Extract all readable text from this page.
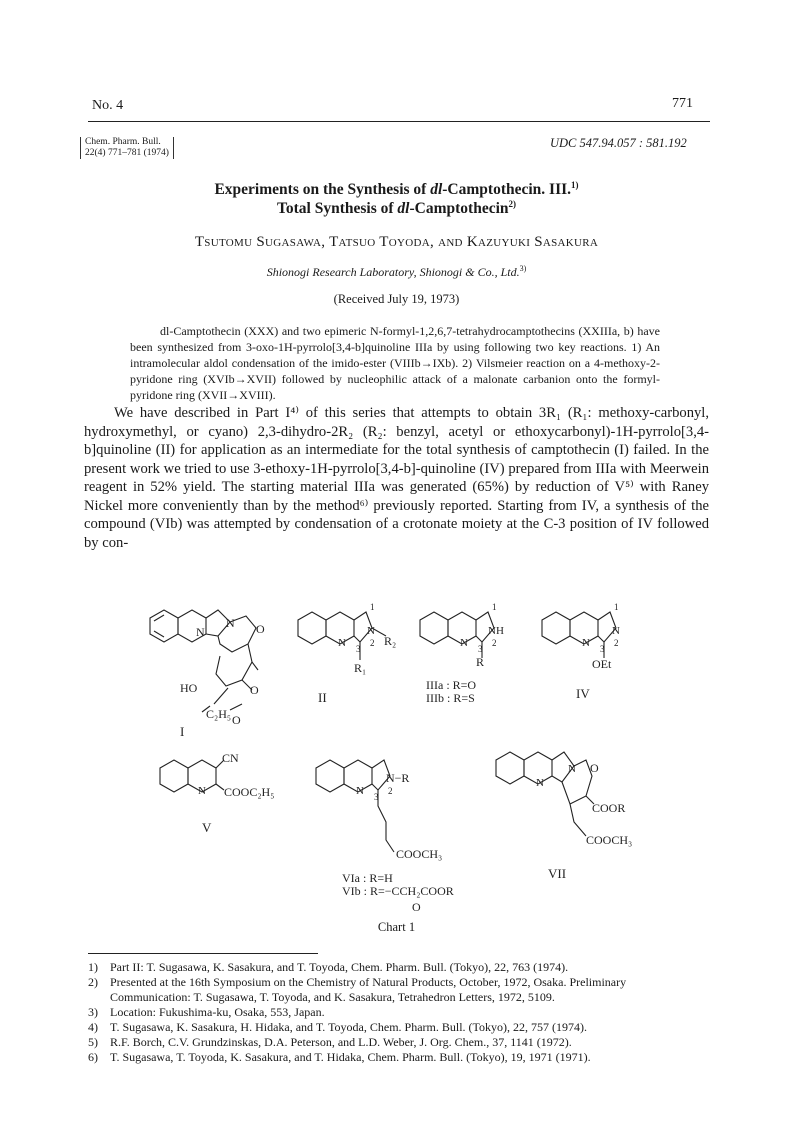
No. 4	771
Chem. Pharm. Bull.
22(4) 771–781 (1974)
UDC 547.94.057 : 581.192
Experiments on the Synthesis of dl-Camptothecin. III.$^{1)}$
Total Synthesis of dl-Camptothecin$^{2)}$
Tsutomu Sugasawa, Tatsuo Toyoda, and Kazuyuki Sasakura
Shionogi Research Laboratory, Shionogi & Co., Ltd.$^{3)}$
(Received July 19, 1973)
dl-Camptothecin (XXX) and two epimeric N-formyl-1,2,6,7-tetrahydrocamptothecins (XXIIIa, b) have been synthesized from 3-oxo-1H-pyrrolo[3,4-b]quinoline IIIa by using following two key reactions. 1) An intramolecular aldol condensation of the imido-ester (VIIIb→IXb). 2) Vilsmeier reaction on a 4-methoxy-2-pyridone ring (XVIb→XVII) followed by nucleophilic attack of a malonate carbanion onto the formyl-pyridone ring (XVII→XVIII).
We have described in Part I⁴⁾ of this series that attempts to obtain 3R₁ (R₁: methoxy-carbonyl, hydroxymethyl, or cyano) 2,3-dihydro-2R₂ (R₂: benzyl, acetyl or ethoxycarbonyl)-1H-pyrrolo[3,4-b]quinoline (II) for application as an intermediate for the total synthesis of camptothecin (I) failed. In the present work we tried to use 3-ethoxy-1H-pyrrolo[3,4-b]-quinoline (IV) prepared from IIIa with Meerwein reagent in 52% yield. The starting material IIIa was generated (65%) by reduction of V⁵⁾ with Raney Nickel more conveniently than by the method⁶⁾ previously reported. Starting from IV, a synthesis of the compound (VIb) was attempted by condensation of a crotonate moiety at the C-3 position of IV followed by con-
N
N O
O
HO
C₂H₅ O
I
N
N
1
3
2 R₂
R₁
II
N
NH
1
3
2
R
IIIa : R=O
IIIb : R=S
N
N
1
3
2
OEt
IV
CN
COOC₂H₅
N
V
N
N−R
3
2
COOCH₃
VIa : R=H
VIb : R=−CCH₂COOR
O
N
N O
COOR
COOCH₃
VII
Chart 1
1)	Part II: T. Sugasawa, K. Sasakura, and T. Toyoda, Chem. Pharm. Bull. (Tokyo), 22, 763 (1974).
2)	Presented at the 16th Symposium on the Chemistry of Natural Products, October, 1972, Osaka. Preliminary Communication: T. Sugasawa, T. Toyoda, and K. Sasakura, Tetrahedron Letters, 1972, 5109.
3)	Location: Fukushima-ku, Osaka, 553, Japan.
4)	T. Sugasawa, K. Sasakura, H. Hidaka, and T. Toyoda, Chem. Pharm. Bull. (Tokyo), 22, 757 (1974).
5)	R.F. Borch, C.V. Grundzinskas, D.A. Peterson, and L.D. Weber, J. Org. Chem., 37, 1141 (1972).
6)	T. Sugasawa, T. Toyoda, K. Sasakura, and T. Hidaka, Chem. Pharm. Bull. (Tokyo), 19, 1971 (1971).
